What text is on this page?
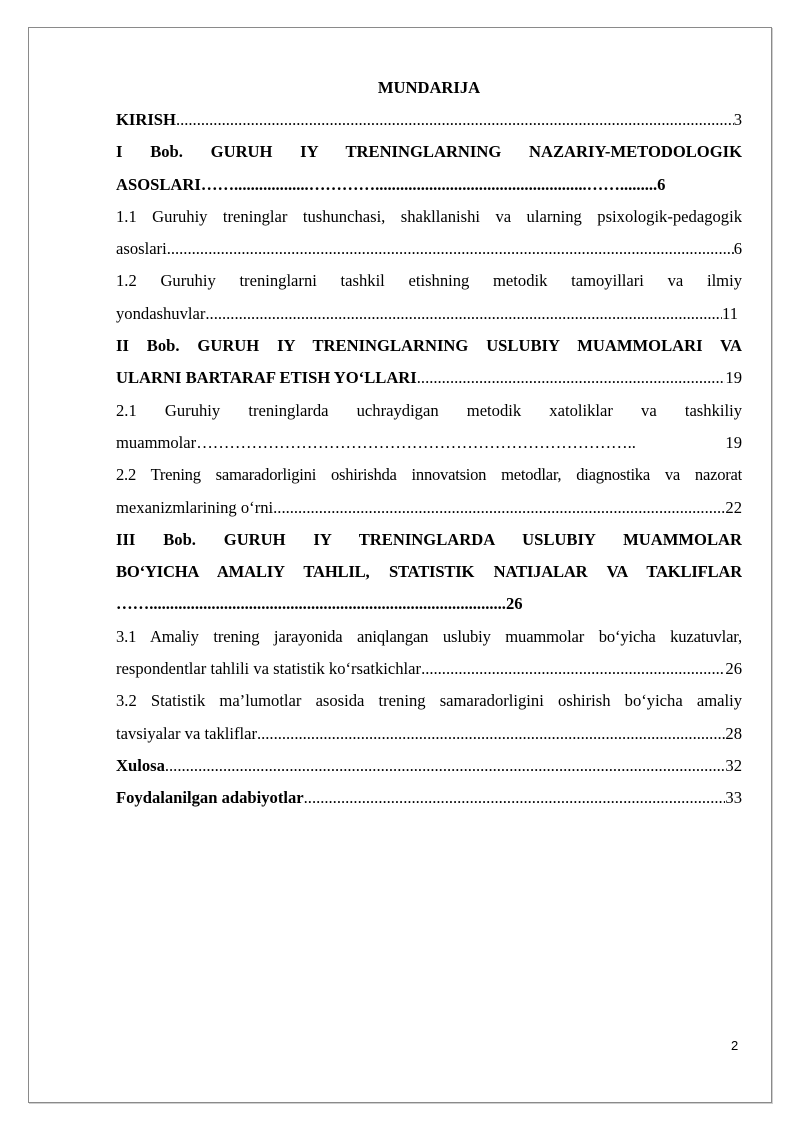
MUNDARIJA
KIRISH .....	3
I Bob. GURUH IY TRENINGLARNING NAZARIY-METODOLOGIK
ASOSLARI ……..................…………...................................................……......... 6
1.1 Guruhiy treninglar tushunchasi, shakllanishi va ularning psixologik-pedagogik
asoslari .....	6
1.2 Guruhiy treninglarni tashkil etishning metodik tamoyillari va ilmiy
yondashuvlar .....	11
II Bob. GURUH IY TRENINGLARNING USLUBIY MUAMMOLARI VA
ULARNI BARTARAF ETISH YO‘LLARI .....	19
2.1 Guruhiy treninglarda uchraydigan metodik xatoliklar va tashkiliy
muammolar ……………………………………………………………………..	19
2.2 Trening samaradorligini oshirishda innovatsion metodlar, diagnostika va nazorat
mexanizmlarining o‘rni .....	22
III Bob. GURUH IY TRENINGLARDA USLUBIY MUAMMOLAR
BO‘YICHA AMALIY TAHLIL, STATISTIK NATIJALAR VA TAKLIFLAR
……...................................................................................... 26
3.1 Amaliy trening jarayonida aniqlangan uslubiy muammolar bo‘yicha kuzatuvlar,
respondentlar tahlili va statistik ko‘rsatkichlar .....	26
3.2 Statistik ma’lumotlar asosida trening samaradorligini oshirish bo‘yicha amaliy
tavsiyalar va takliflar .....	28
Xulosa .....	32
Foydalanilgan adabiyotlar .....	33
2
